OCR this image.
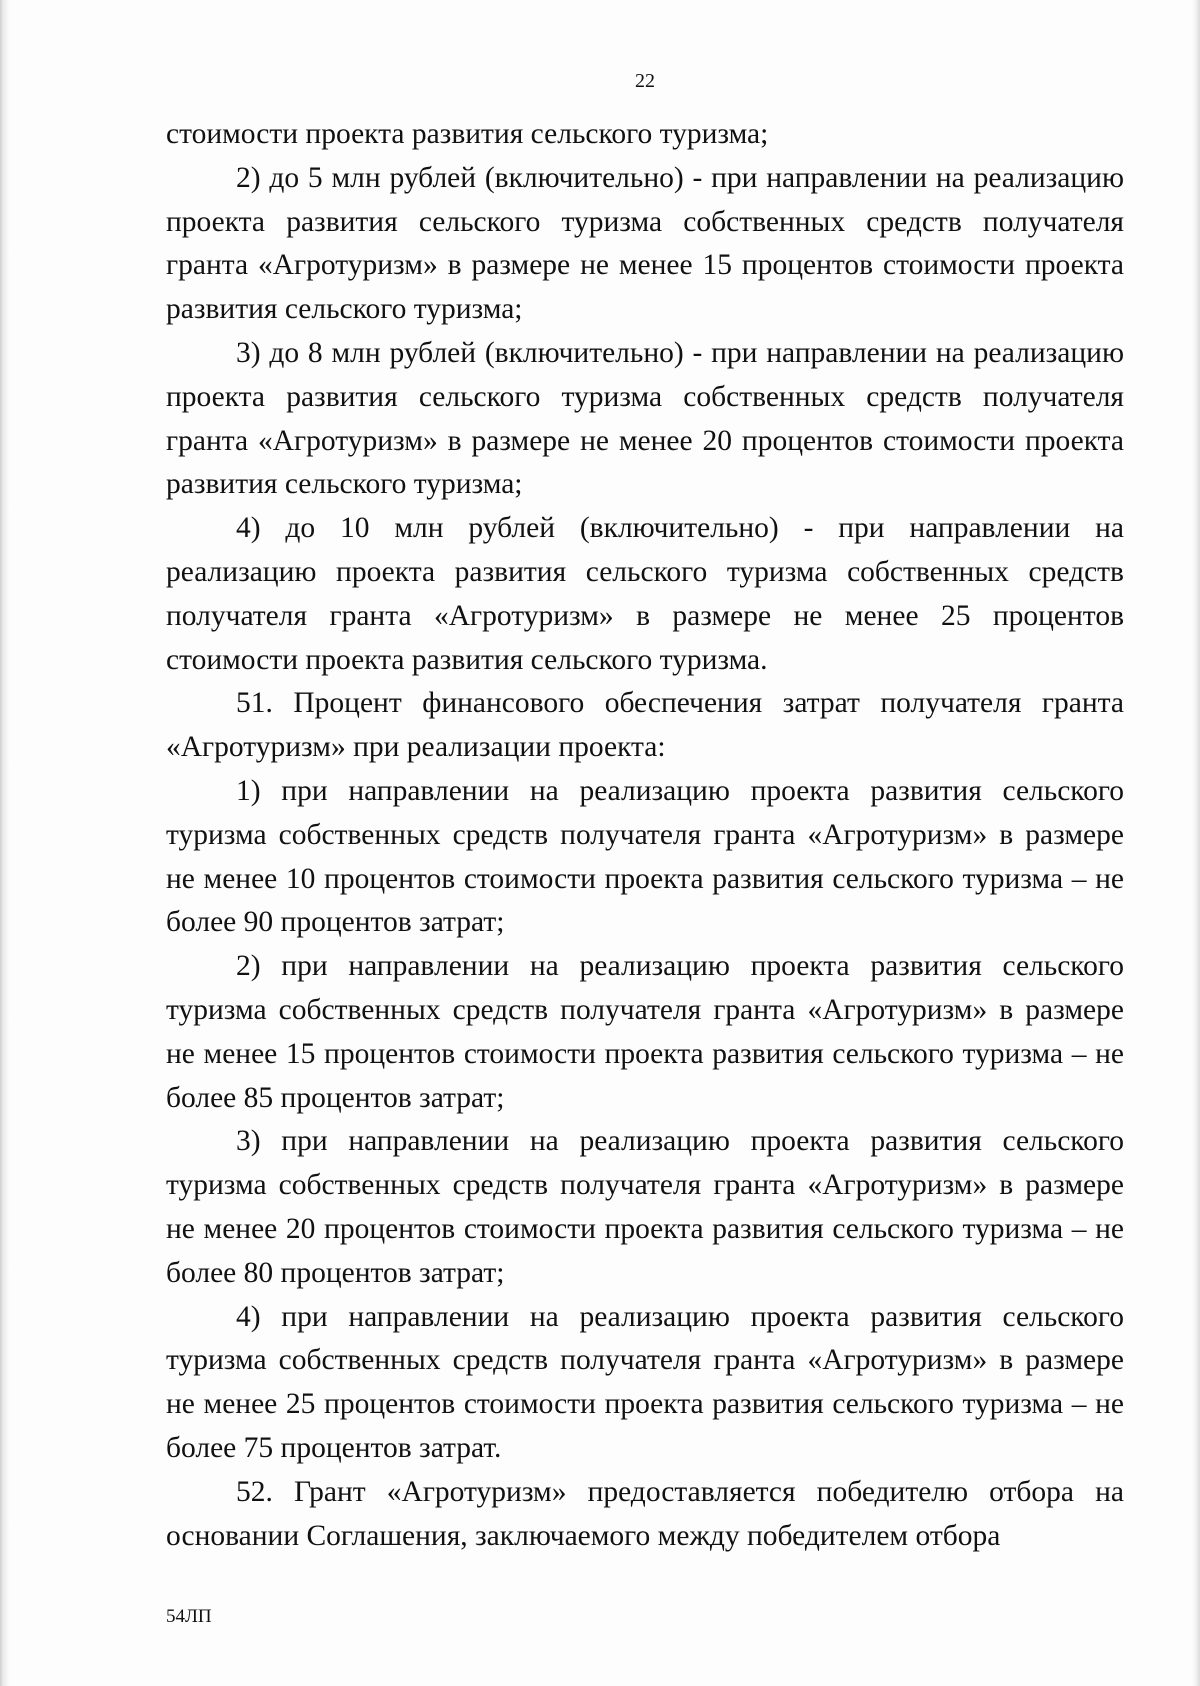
22

стоимости проекта развития сельского туризма;

2) до 5 млн рублей (включительно) - при направлении на реализацию проекта развития сельского туризма собственных средств получателя гранта «Агротуризм» в размере не менее 15 процентов стоимости проекта развития сельского туризма;

3) до 8 млн рублей (включительно) - при направлении на реализацию проекта развития сельского туризма собственных средств получателя гранта «Агротуризм» в размере не менее 20 процентов стоимости проекта развития сельского туризма;

4) до 10 млн рублей (включительно) - при направлении на реализацию проекта развития сельского туризма собственных средств получателя гранта «Агротуризм» в размере не менее 25 процентов стоимости проекта развития сельского туризма.

51. Процент финансового обеспечения затрат получателя гранта «Агротуризм» при реализации проекта:

1) при направлении на реализацию проекта развития сельского туризма собственных средств получателя гранта «Агротуризм» в размере не менее 10 процентов стоимости проекта развития сельского туризма – не более 90 процентов затрат;

2) при направлении на реализацию проекта развития сельского туризма собственных средств получателя гранта «Агротуризм» в размере не менее 15 процентов стоимости проекта развития сельского туризма – не более 85 процентов затрат;

3) при направлении на реализацию проекта развития сельского туризма собственных средств получателя гранта «Агротуризм» в размере не менее 20 процентов стоимости проекта развития сельского туризма – не более 80 процентов затрат;

4) при направлении на реализацию проекта развития сельского туризма собственных средств получателя гранта «Агротуризм» в размере не менее 25 процентов стоимости проекта развития сельского туризма – не более 75 процентов затрат.

52. Грант «Агротуризм» предоставляется победителю отбора на основании Соглашения, заключаемого между победителем отбора

54ЛП
